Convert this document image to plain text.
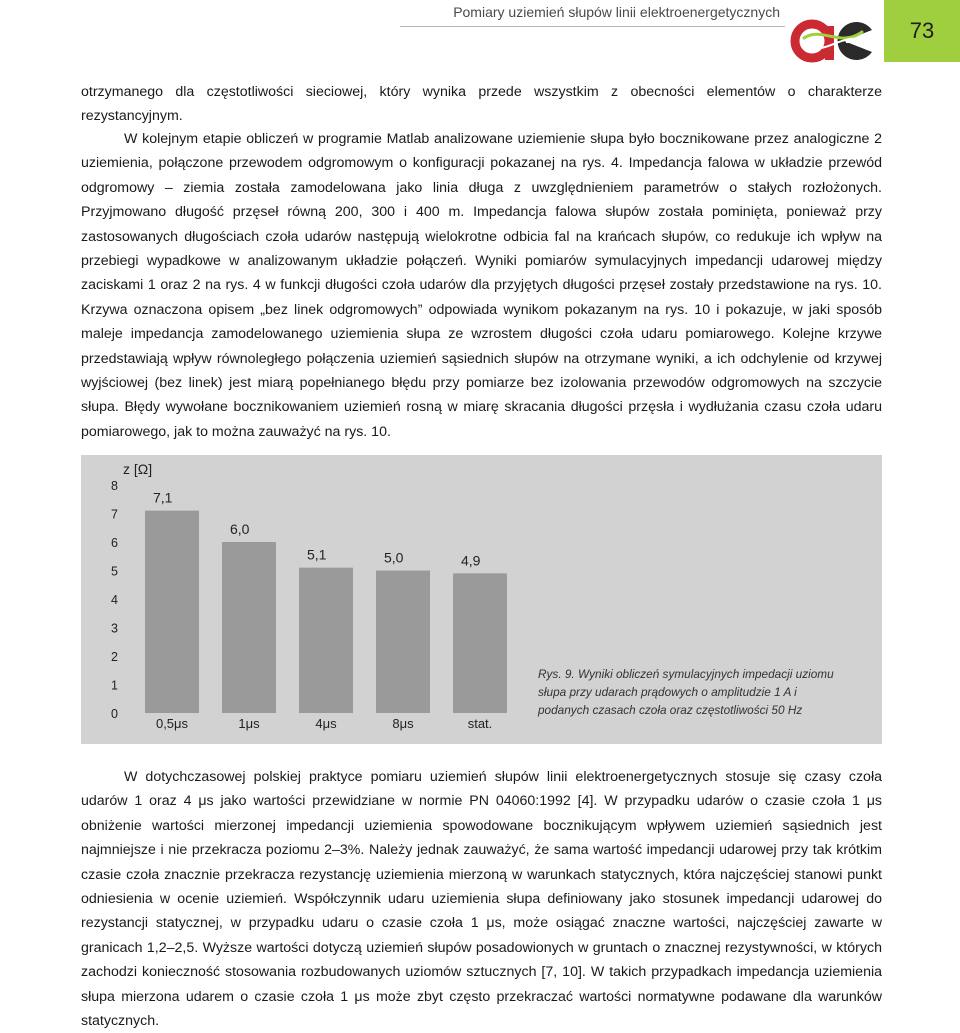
Pomiary uziemień słupów linii elektroenergetycznych
73

otrzymanego dla częstotliwości sieciowej, który wynika przede wszystkim z obecności elementów o charakterze rezystancyjnym.

W kolejnym etapie obliczeń w programie Matlab analizowane uziemienie słupa było bocznikowane przez analogiczne 2 uziemienia, połączone przewodem odgromowym o konfiguracji pokazanej na rys. 4. Impedancja falowa w układzie przewód odgromowy – ziemia została zamodelowana jako linia długa z uwzględnieniem parametrów o stałych rozłożonych. Przyjmowano długość przęseł równą 200, 300 i 400 m. Impedancja falowa słupów została pominięta, ponieważ przy zastosowanych długościach czoła udarów następują wielokrotne odbicia fal na krańcach słupów, co redukuje ich wpływ na przebiegi wypadkowe w analizowanym układzie połączeń. Wyniki pomiarów symulacyjnych impedancji udarowej między zaciskami 1 oraz 2 na rys. 4 w funkcji długości czoła udarów dla przyjętych długości przęseł zostały przedstawione na rys. 10. Krzywa oznaczona opisem „bez linek odgromowych” odpowiada wynikom pokazanym na rys. 10 i pokazuje, w jaki sposób maleje impedancja zamodelowanego uziemienia słupa ze wzrostem długości czoła udaru pomiarowego. Kolejne krzywe przedstawiają wpływ równoległego połączenia uziemień sąsiednich słupów na otrzymane wyniki, a ich odchylenie od krzywej wyjściowej (bez linek) jest miarą popełnianego błędu przy pomiarze bez izolowania przewodów odgromowych na szczycie słupa. Błędy wywołane bocznikowaniem uziemień rosną w miarę skracania długości przęsła i wydłużania czasu czoła udaru pomiarowego, jak to można zauważyć na rys. 10.

z [Ω]
0
1
2
3
4
5
6
7
8
7,1
0,5μs
6,0
1μs
5,1
4μs
5,0
8μs
4,9
stat.
Rys. 9. Wyniki obliczeń symulacyjnych impedacji uziomu słupa przy udarach prądowych o amplitudzie 1 A i podanych czasach czoła oraz częstotliwości 50 Hz

W dotychczasowej polskiej praktyce pomiaru uziemień słupów linii elektroenergetycznych stosuje się czasy czoła udarów 1 oraz 4 μs jako wartości przewidziane w normie PN 04060:1992 [4]. W przypadku udarów o czasie czoła 1 μs obniżenie wartości mierzonej impedancji uziemienia spowodowane bocznikującym wpływem uziemień sąsiednich jest najmniejsze i nie przekracza poziomu 2–3%. Należy jednak zauważyć, że sama wartość impedancji udarowej przy tak krótkim czasie czoła znacznie przekracza rezystancję uziemienia mierzoną w warunkach statycznych, która najczęściej stanowi punkt odniesienia w ocenie uziemień. Współczynnik udaru uziemienia słupa definiowany jako stosunek impedancji udarowej do rezystancji statycznej, w przypadku udaru o czasie czoła 1 μs, może osiągać znaczne wartości, najczęściej zawarte w granicach 1,2–2,5. Wyższe wartości dotyczą uziemień słupów posadowionych w gruntach o znacznej rezystywności, w których zachodzi konieczność stosowania rozbudowanych uziomów sztucznych [7, 10]. W takich przypadkach impedancja uziemienia słupa mierzona udarem o czasie czoła 1 μs może zbyt często przekraczać wartości normatywne podawane dla warunków statycznych.
